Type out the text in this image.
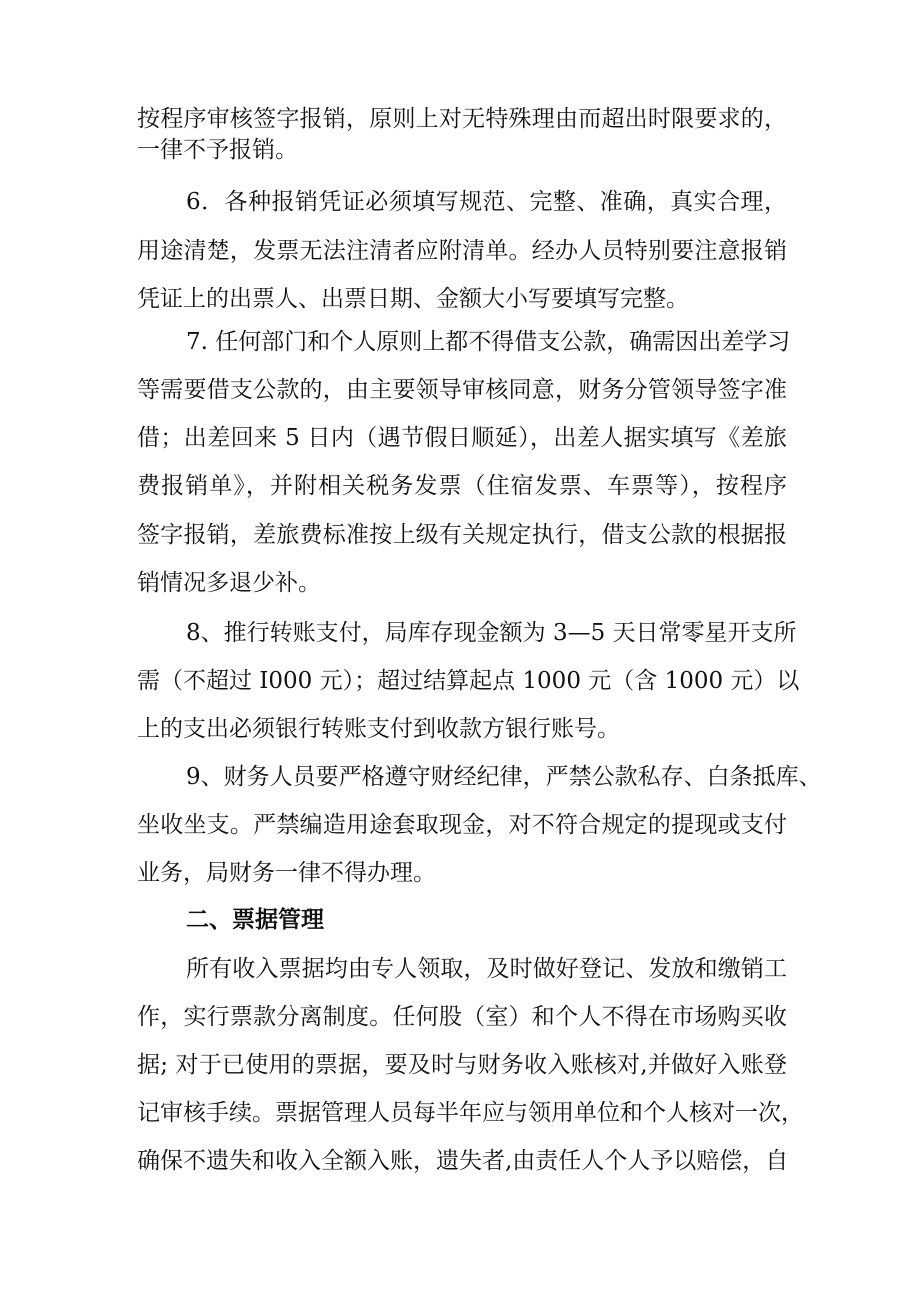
按程序审核签字报销，原则上对无特殊理由而超出时限要求的，
一律不予报销。
6．各种报销凭证必须填写规范、完整、准确，真实合理，
用途清楚，发票无法注清者应附清单。经办人员特别要注意报销
凭证上的出票人、出票日期、金额大小写要填写完整。
7. 任何部门和个人原则上都不得借支公款，确需因出差学习
等需要借支公款的，由主要领导审核同意，财务分管领导签字准
借；出差回来 5 日内（遇节假日顺延），出差人据实填写《差旅
费报销单》，并附相关税务发票（住宿发票、车票等），按程序
签字报销，差旅费标准按上级有关规定执行，借支公款的根据报
销情况多退少补。
8、推行转账支付，局库存现金额为 3—5 天日常零星开支所
需（不超过 I000 元）；超过结算起点 1000 元（含 1000 元）以
上的支出必须银行转账支付到收款方银行账号。
9、财务人员要严格遵守财经纪律，严禁公款私存、白条抵库、
坐收坐支。严禁编造用途套取现金，对不符合规定的提现或支付
业务，局财务一律不得办理。
二、票据管理
所有收入票据均由专人领取，及时做好登记、发放和缴销工
作，实行票款分离制度。任何股（室）和个人不得在市场购买收
据; 对于已使用的票据，要及时与财务收入账核对,并做好入账登
记审核手续。票据管理人员每半年应与领用单位和个人核对一次，
确保不遗失和收入全额入账，遗失者,由责任人个人予以赔偿，自
